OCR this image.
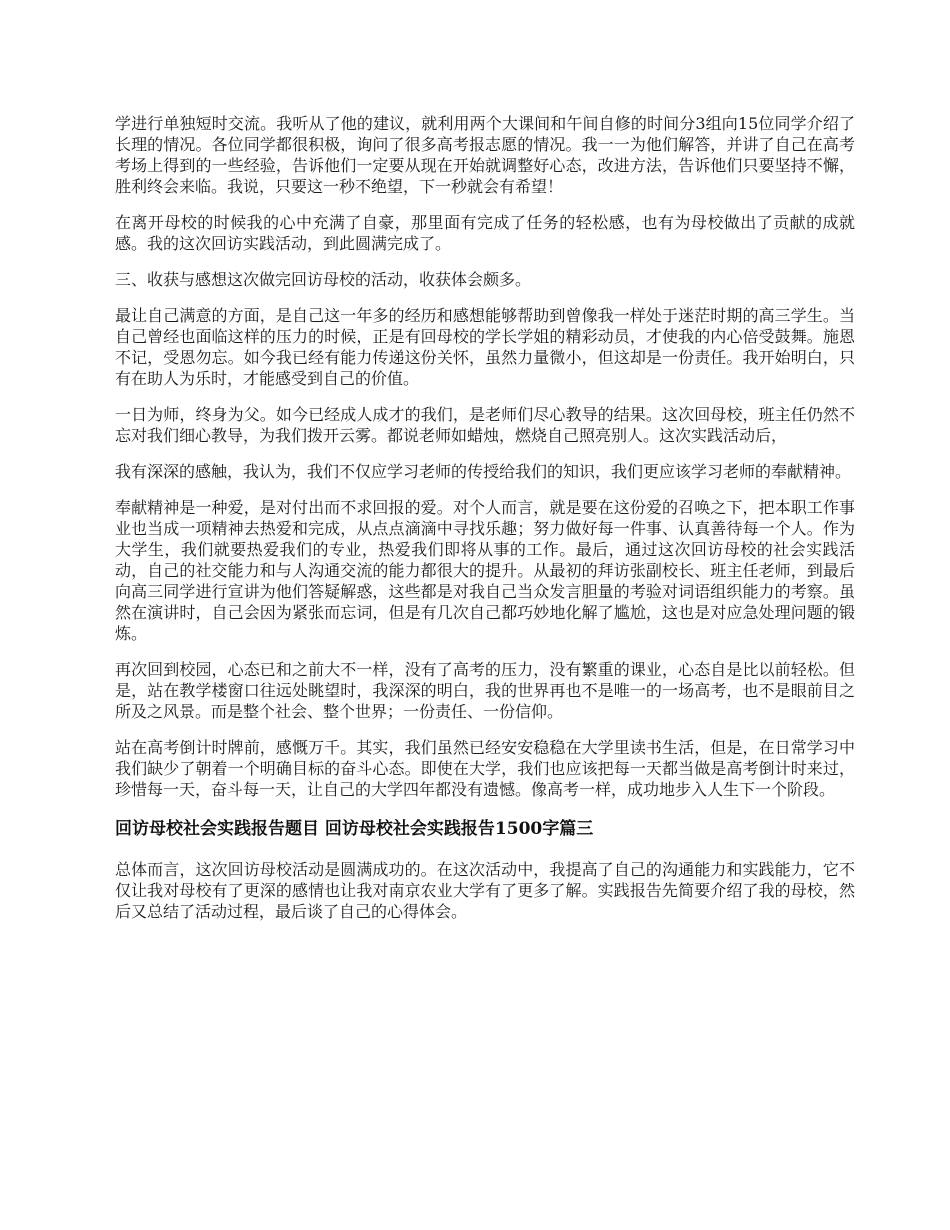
学进行单独短时交流。我听从了他的建议，就利用两个大课间和午间自修的时间分3组向15位同学介绍了长理的情况。各位同学都很积极，询问了很多高考报志愿的情况。我一一为他们解答，并讲了自己在高考考场上得到的一些经验，告诉他们一定要从现在开始就调整好心态，改进方法，告诉他们只要坚持不懈，胜利终会来临。我说，只要这一秒不绝望，下一秒就会有希望！

在离开母校的时候我的心中充满了自豪，那里面有完成了任务的轻松感，也有为母校做出了贡献的成就感。我的这次回访实践活动，到此圆满完成了。

三、收获与感想这次做完回访母校的活动，收获体会颇多。

最让自己满意的方面，是自己这一年多的经历和感想能够帮助到曾像我一样处于迷茫时期的高三学生。当自己曾经也面临这样的压力的时候，正是有回母校的学长学姐的精彩动员，才使我的内心倍受鼓舞。施恩不记，受恩勿忘。如今我已经有能力传递这份关怀，虽然力量微小，但这却是一份责任。我开始明白，只有在助人为乐时，才能感受到自己的价值。

一日为师，终身为父。如今已经成人成才的我们，是老师们尽心教导的结果。这次回母校，班主任仍然不忘对我们细心教导，为我们拨开云雾。都说老师如蜡烛，燃烧自己照亮别人。这次实践活动后，

我有深深的感触，我认为，我们不仅应学习老师的传授给我们的知识，我们更应该学习老师的奉献精神。

奉献精神是一种爱，是对付出而不求回报的爱。对个人而言，就是要在这份爱的召唤之下，把本职工作事业也当成一项精神去热爱和完成，从点点滴滴中寻找乐趣；努力做好每一件事、认真善待每一个人。作为大学生，我们就要热爱我们的专业，热爱我们即将从事的工作。最后，通过这次回访母校的社会实践活动，自己的社交能力和与人沟通交流的能力都很大的提升。从最初的拜访张副校长、班主任老师，到最后向高三同学进行宣讲为他们答疑解惑，这些都是对我自己当众发言胆量的考验对词语组织能力的考察。虽然在演讲时，自己会因为紧张而忘词，但是有几次自己都巧妙地化解了尴尬，这也是对应急处理问题的锻炼。

再次回到校园，心态已和之前大不一样，没有了高考的压力，没有繁重的课业，心态自是比以前轻松。但是，站在教学楼窗口往远处眺望时，我深深的明白，我的世界再也不是唯一的一场高考，也不是眼前目之所及之风景。而是整个社会、整个世界；一份责任、一份信仰。

站在高考倒计时牌前，感慨万千。其实，我们虽然已经安安稳稳在大学里读书生活，但是，在日常学习中我们缺少了朝着一个明确目标的奋斗心态。即使在大学，我们也应该把每一天都当做是高考倒计时来过，珍惜每一天，奋斗每一天，让自己的大学四年都没有遗憾。像高考一样，成功地步入人生下一个阶段。

回访母校社会实践报告题目 回访母校社会实践报告1500字篇三

总体而言，这次回访母校活动是圆满成功的。在这次活动中，我提高了自己的沟通能力和实践能力，它不仅让我对母校有了更深的感情也让我对南京农业大学有了更多了解。实践报告先简要介绍了我的母校，然后又总结了活动过程，最后谈了自己的心得体会。
